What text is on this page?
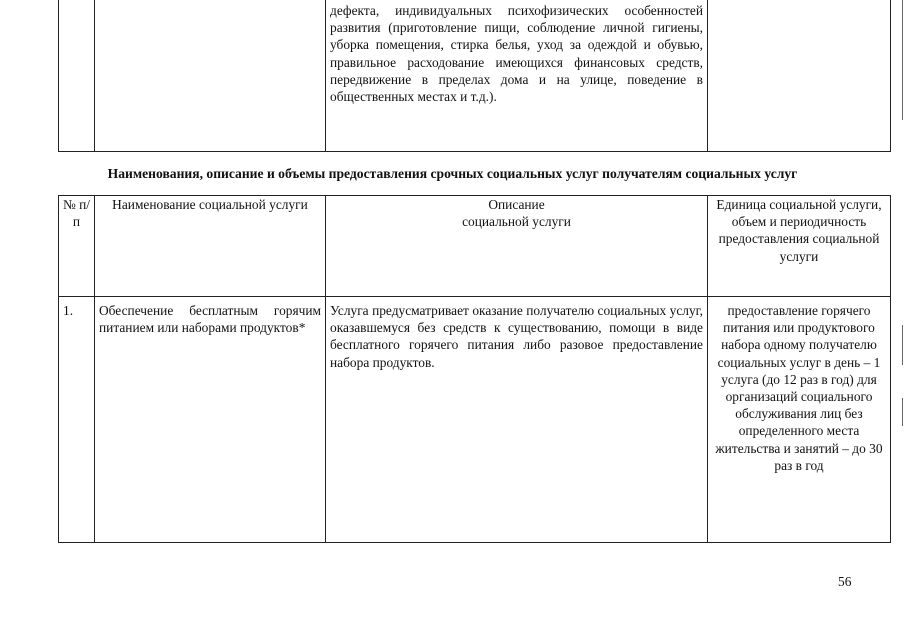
		дефекта, индивидуальных психофизических особенностей развития (приготовление пищи, соблюдение личной гигиены, уборка помещения, стирка белья, уход за одеждой и обувью, правильное расходование имеющихся финансовых средств, передвижение в пределах дома и на улице, поведение в общественных местах и т.д.).	
Наименования, описание и объемы предоставления срочных социальных услуг получателям социальных услуг
№ п/п	Наименование социальной услуги	Описание социальной услуги	Единица социальной услуги, объем и периодичность предоставления социальной услуги

1.	Обеспечение бесплатным горячим питанием или наборами продуктов*	Услуга предусматривает оказание получателю социальных услуг, оказавшемуся без средств к существованию, помощи в виде бесплатного горячего питания либо разовое предоставление набора продуктов.	предоставление горячего питания или продуктового набора одному получателю социальных услуг в день – 1 услуга (до 12 раз в год) для организаций социального обслуживания лиц без определенного места жительства и занятий – до 30 раз в год
56
